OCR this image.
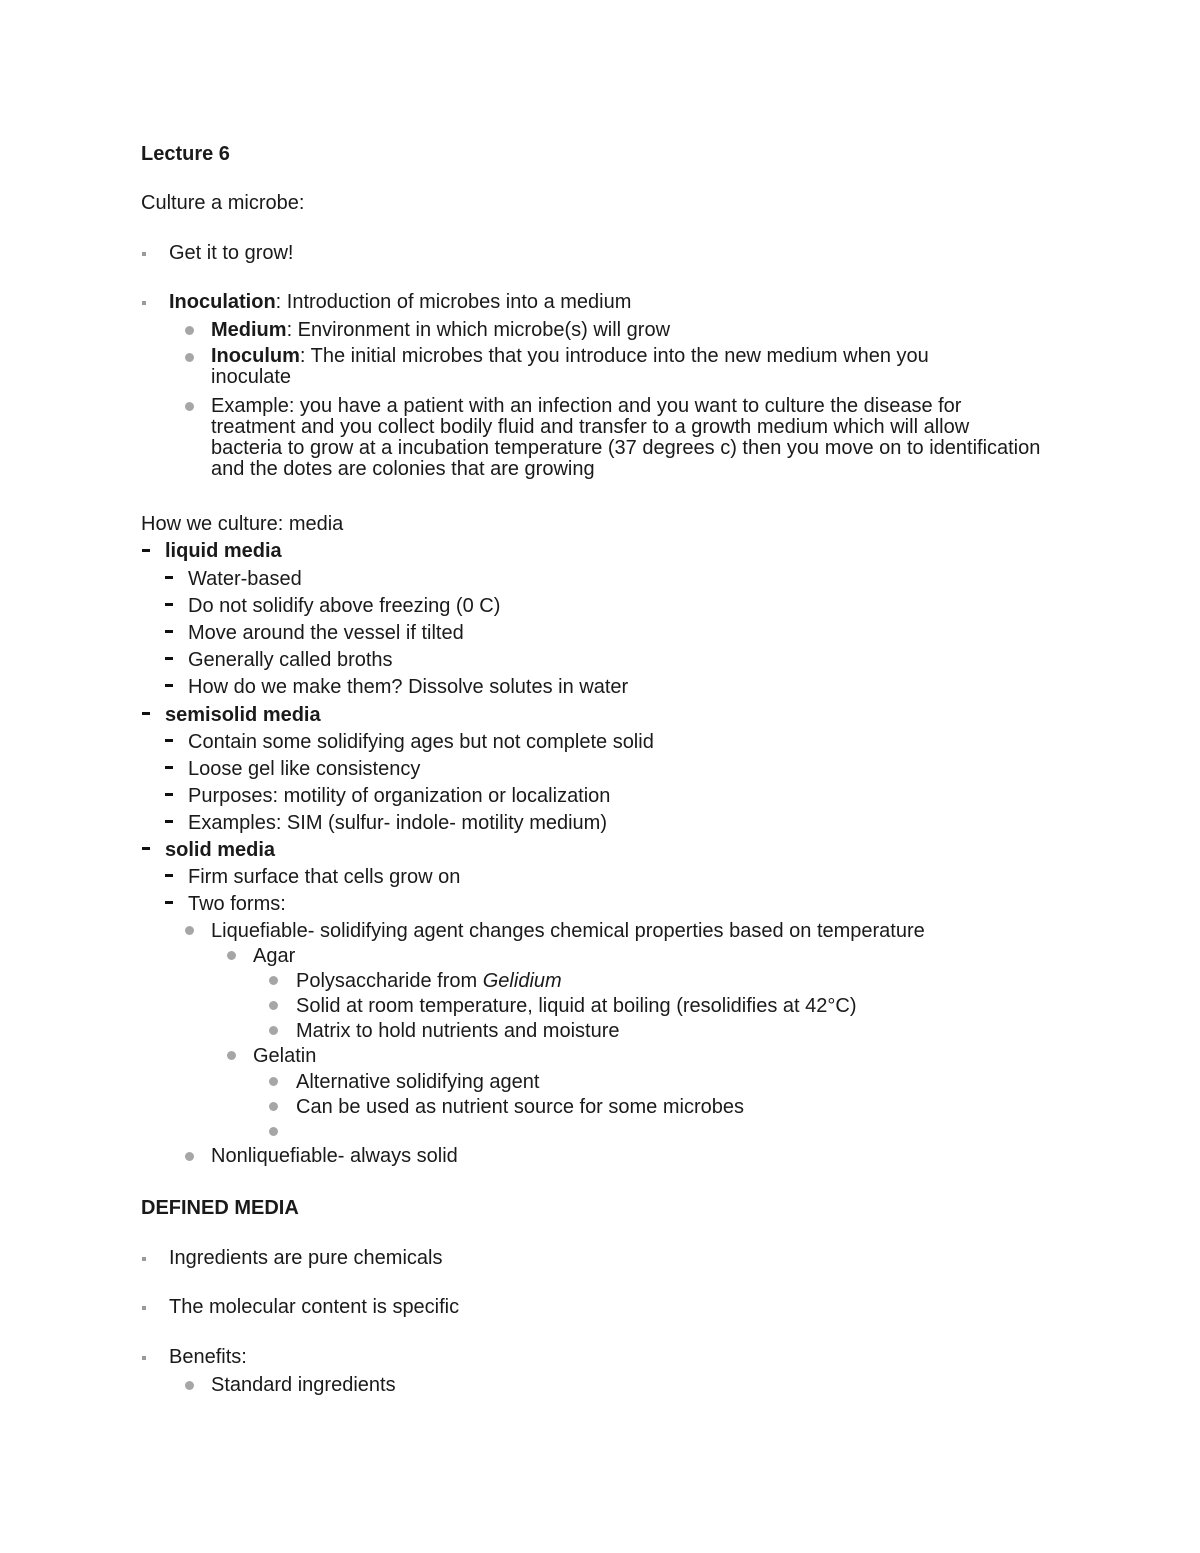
Lecture 6
Culture a microbe:
Get it to grow!
Inoculation: Introduction of microbes into a medium
Medium: Environment in which microbe(s) will grow
Inoculum: The initial microbes that you introduce into the new medium when you inoculate
Example: you have a patient with an infection and you want to culture the disease for treatment and you collect bodily fluid and transfer to a growth medium which will allow bacteria to grow at a incubation temperature (37 degrees c) then you move on to identification and the dotes are colonies that are growing
How we culture: media
liquid media
Water-based
Do not solidify above freezing (0 C)
Move around the vessel if tilted
Generally called broths
How do we make them? Dissolve solutes in water
semisolid media
Contain some solidifying ages but not complete solid
Loose gel like consistency
Purposes: motility of organization or localization
Examples: SIM (sulfur- indole- motility medium)
solid media
Firm surface that cells grow on
Two forms:
Liquefiable- solidifying agent changes chemical properties based on temperature
Agar
Polysaccharide from Gelidium
Solid at room temperature, liquid at boiling (resolidifies at 42°C)
Matrix to hold nutrients and moisture
Gelatin
Alternative solidifying agent
Can be used as nutrient source for some microbes
Nonliquefiable- always solid
DEFINED MEDIA
Ingredients are pure chemicals
The molecular content is specific
Benefits:
Standard ingredients
